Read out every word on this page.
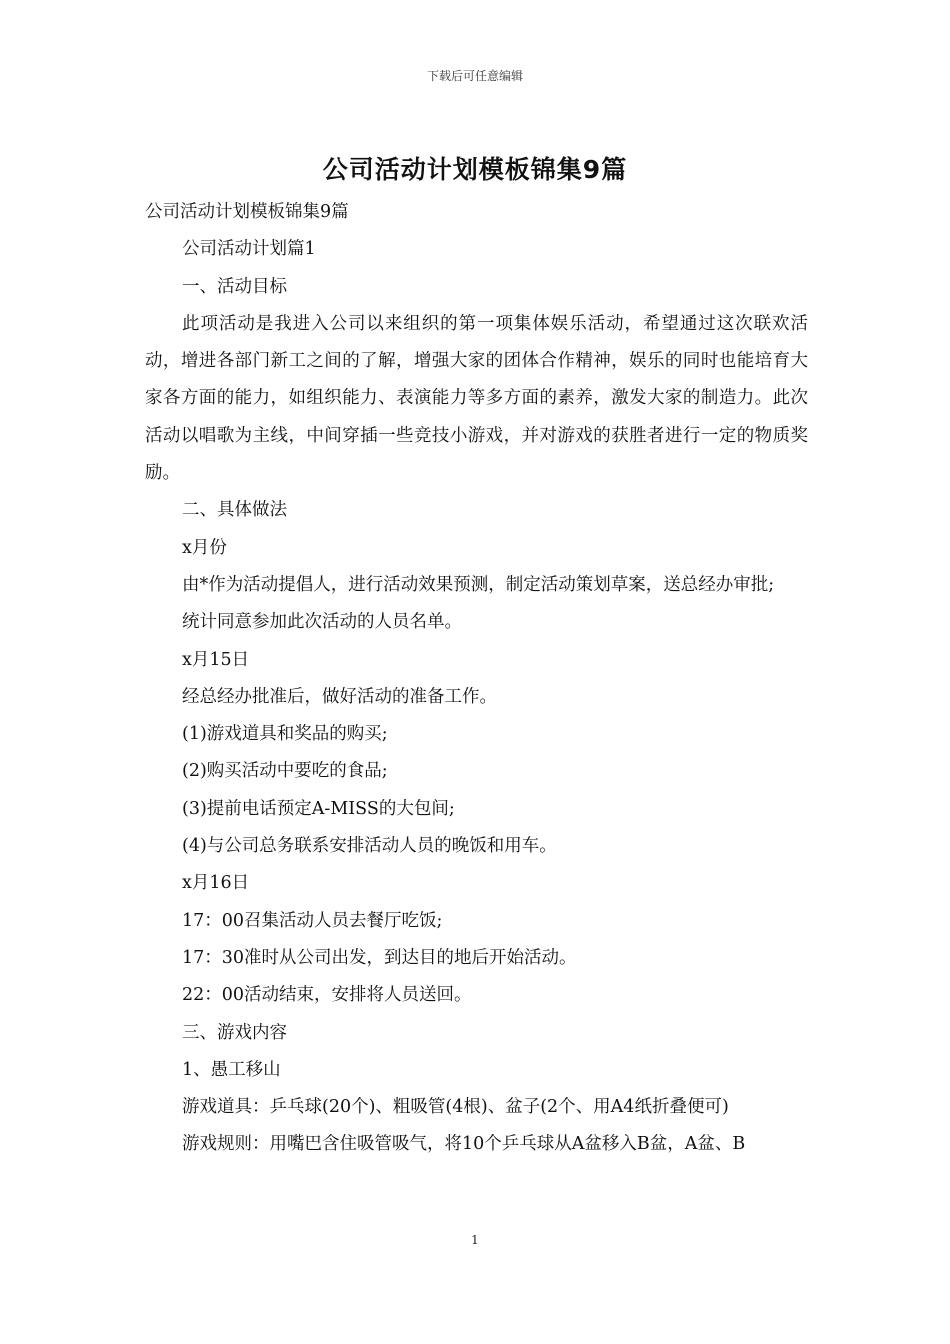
下载后可任意编辑
公司活动计划模板锦集9篇

公司活动计划模板锦集9篇

公司活动计划篇1

一、活动目标

此项活动是我进入公司以来组织的第一项集体娱乐活动，希望通过这次联欢活动，增进各部门新工之间的了解，增强大家的团体合作精神，娱乐的同时也能培育大家各方面的能力，如组织能力、表演能力等多方面的素养，激发大家的制造力。此次活动以唱歌为主线，中间穿插一些竞技小游戏，并对游戏的获胜者进行一定的物质奖励。

二、具体做法

x月份

由*作为活动提倡人，进行活动效果预测，制定活动策划草案，送总经办审批;

统计同意参加此次活动的人员名单。

x月15日

经总经办批准后，做好活动的准备工作。

(1)游戏道具和奖品的购买;

(2)购买活动中要吃的食品;

(3)提前电话预定A-MISS的大包间;

(4)与公司总务联系安排活动人员的晚饭和用车。

x月16日

17：00召集活动人员去餐厅吃饭;

17：30准时从公司出发，到达目的地后开始活动。

22：00活动结束，安排将人员送回。

三、游戏内容

1、愚工移山

游戏道具：乒乓球(20个)、粗吸管(4根)、盆子(2个、用A4纸折叠便可)

游戏规则：用嘴巴含住吸管吸气，将10个乒乓球从A盆移入B盆，A盆、B

1
